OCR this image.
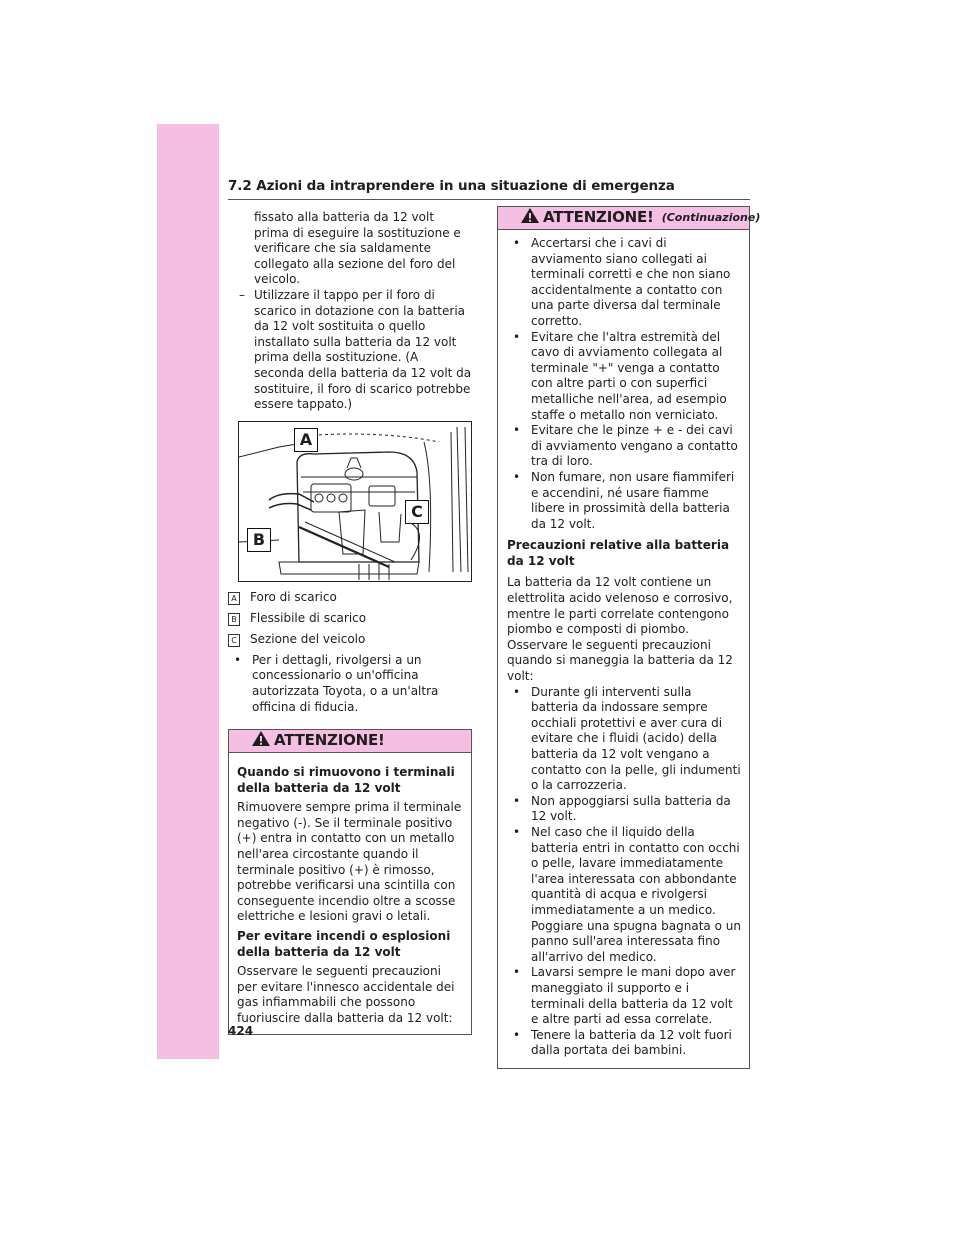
7.2 Azioni da intraprendere in una situazione di emergenza

fissato alla batteria da 12 volt prima di eseguire la sostituzione e verificare che sia saldamente collegato alla sezione del foro del veicolo.

– Utilizzare il tappo per il foro di scarico in dotazione con la batteria da 12 volt sostituita o quello installato sulla batteria da 12 volt prima della sostituzione. (A seconda della batteria da 12 volt da sostituire, il foro di scarico potrebbe essere tappato.)
A
C
B
A Foro di scarico
B Flessibile di scarico
C Sezione del veicolo
• Per i dettagli, rivolgersi a un concessionario o un'officina autorizzata Toyota, o a un'altra officina di fiducia.
ATTENZIONE!

Quando si rimuovono i terminali della batteria da 12 volt

Rimuovere sempre prima il terminale negativo (-). Se il terminale positivo (+) entra in contatto con un metallo nell'area circostante quando il terminale positivo (+) è rimosso, potrebbe verificarsi una scintilla con conseguente incendio oltre a scosse elettriche e lesioni gravi o letali.

Per evitare incendi o esplosioni della batteria da 12 volt

Osservare le seguenti precauzioni per evitare l'innesco accidentale dei gas infiammabili che possono fuoriuscire dalla batteria da 12 volt:

ATTENZIONE! (Continuazione)
• Accertarsi che i cavi di avviamento siano collegati ai terminali corretti e che non siano accidentalmente a contatto con una parte diversa dal terminale corretto.
• Evitare che l'altra estremità del cavo di avviamento collegata al terminale "+" venga a contatto con altre parti o con superfici metalliche nell'area, ad esempio staffe o metallo non verniciato.
• Evitare che le pinze + e - dei cavi di avviamento vengano a contatto tra di loro.
• Non fumare, non usare fiammiferi e accendini, né usare fiamme libere in prossimità della batteria da 12 volt.

Precauzioni relative alla batteria da 12 volt

La batteria da 12 volt contiene un elettrolita acido velenoso e corrosivo, mentre le parti correlate contengono piombo e composti di piombo. Osservare le seguenti precauzioni quando si maneggia la batteria da 12 volt:

• Durante gli interventi sulla batteria da indossare sempre occhiali protettivi e aver cura di evitare che i fluidi (acido) della batteria da 12 volt vengano a contatto con la pelle, gli indumenti o la carrozzeria.
• Non appoggiarsi sulla batteria da 12 volt.
• Nel caso che il liquido della batteria entri in contatto con occhi o pelle, lavare immediatamente l'area interessata con abbondante quantità di acqua e rivolgersi immediatamente a un medico. Poggiare una spugna bagnata o un panno sull'area interessata fino all'arrivo del medico.
• Lavarsi sempre le mani dopo aver maneggiato il supporto e i terminali della batteria da 12 volt e altre parti ad essa correlate.
• Tenere la batteria da 12 volt fuori dalla portata dei bambini.
424
